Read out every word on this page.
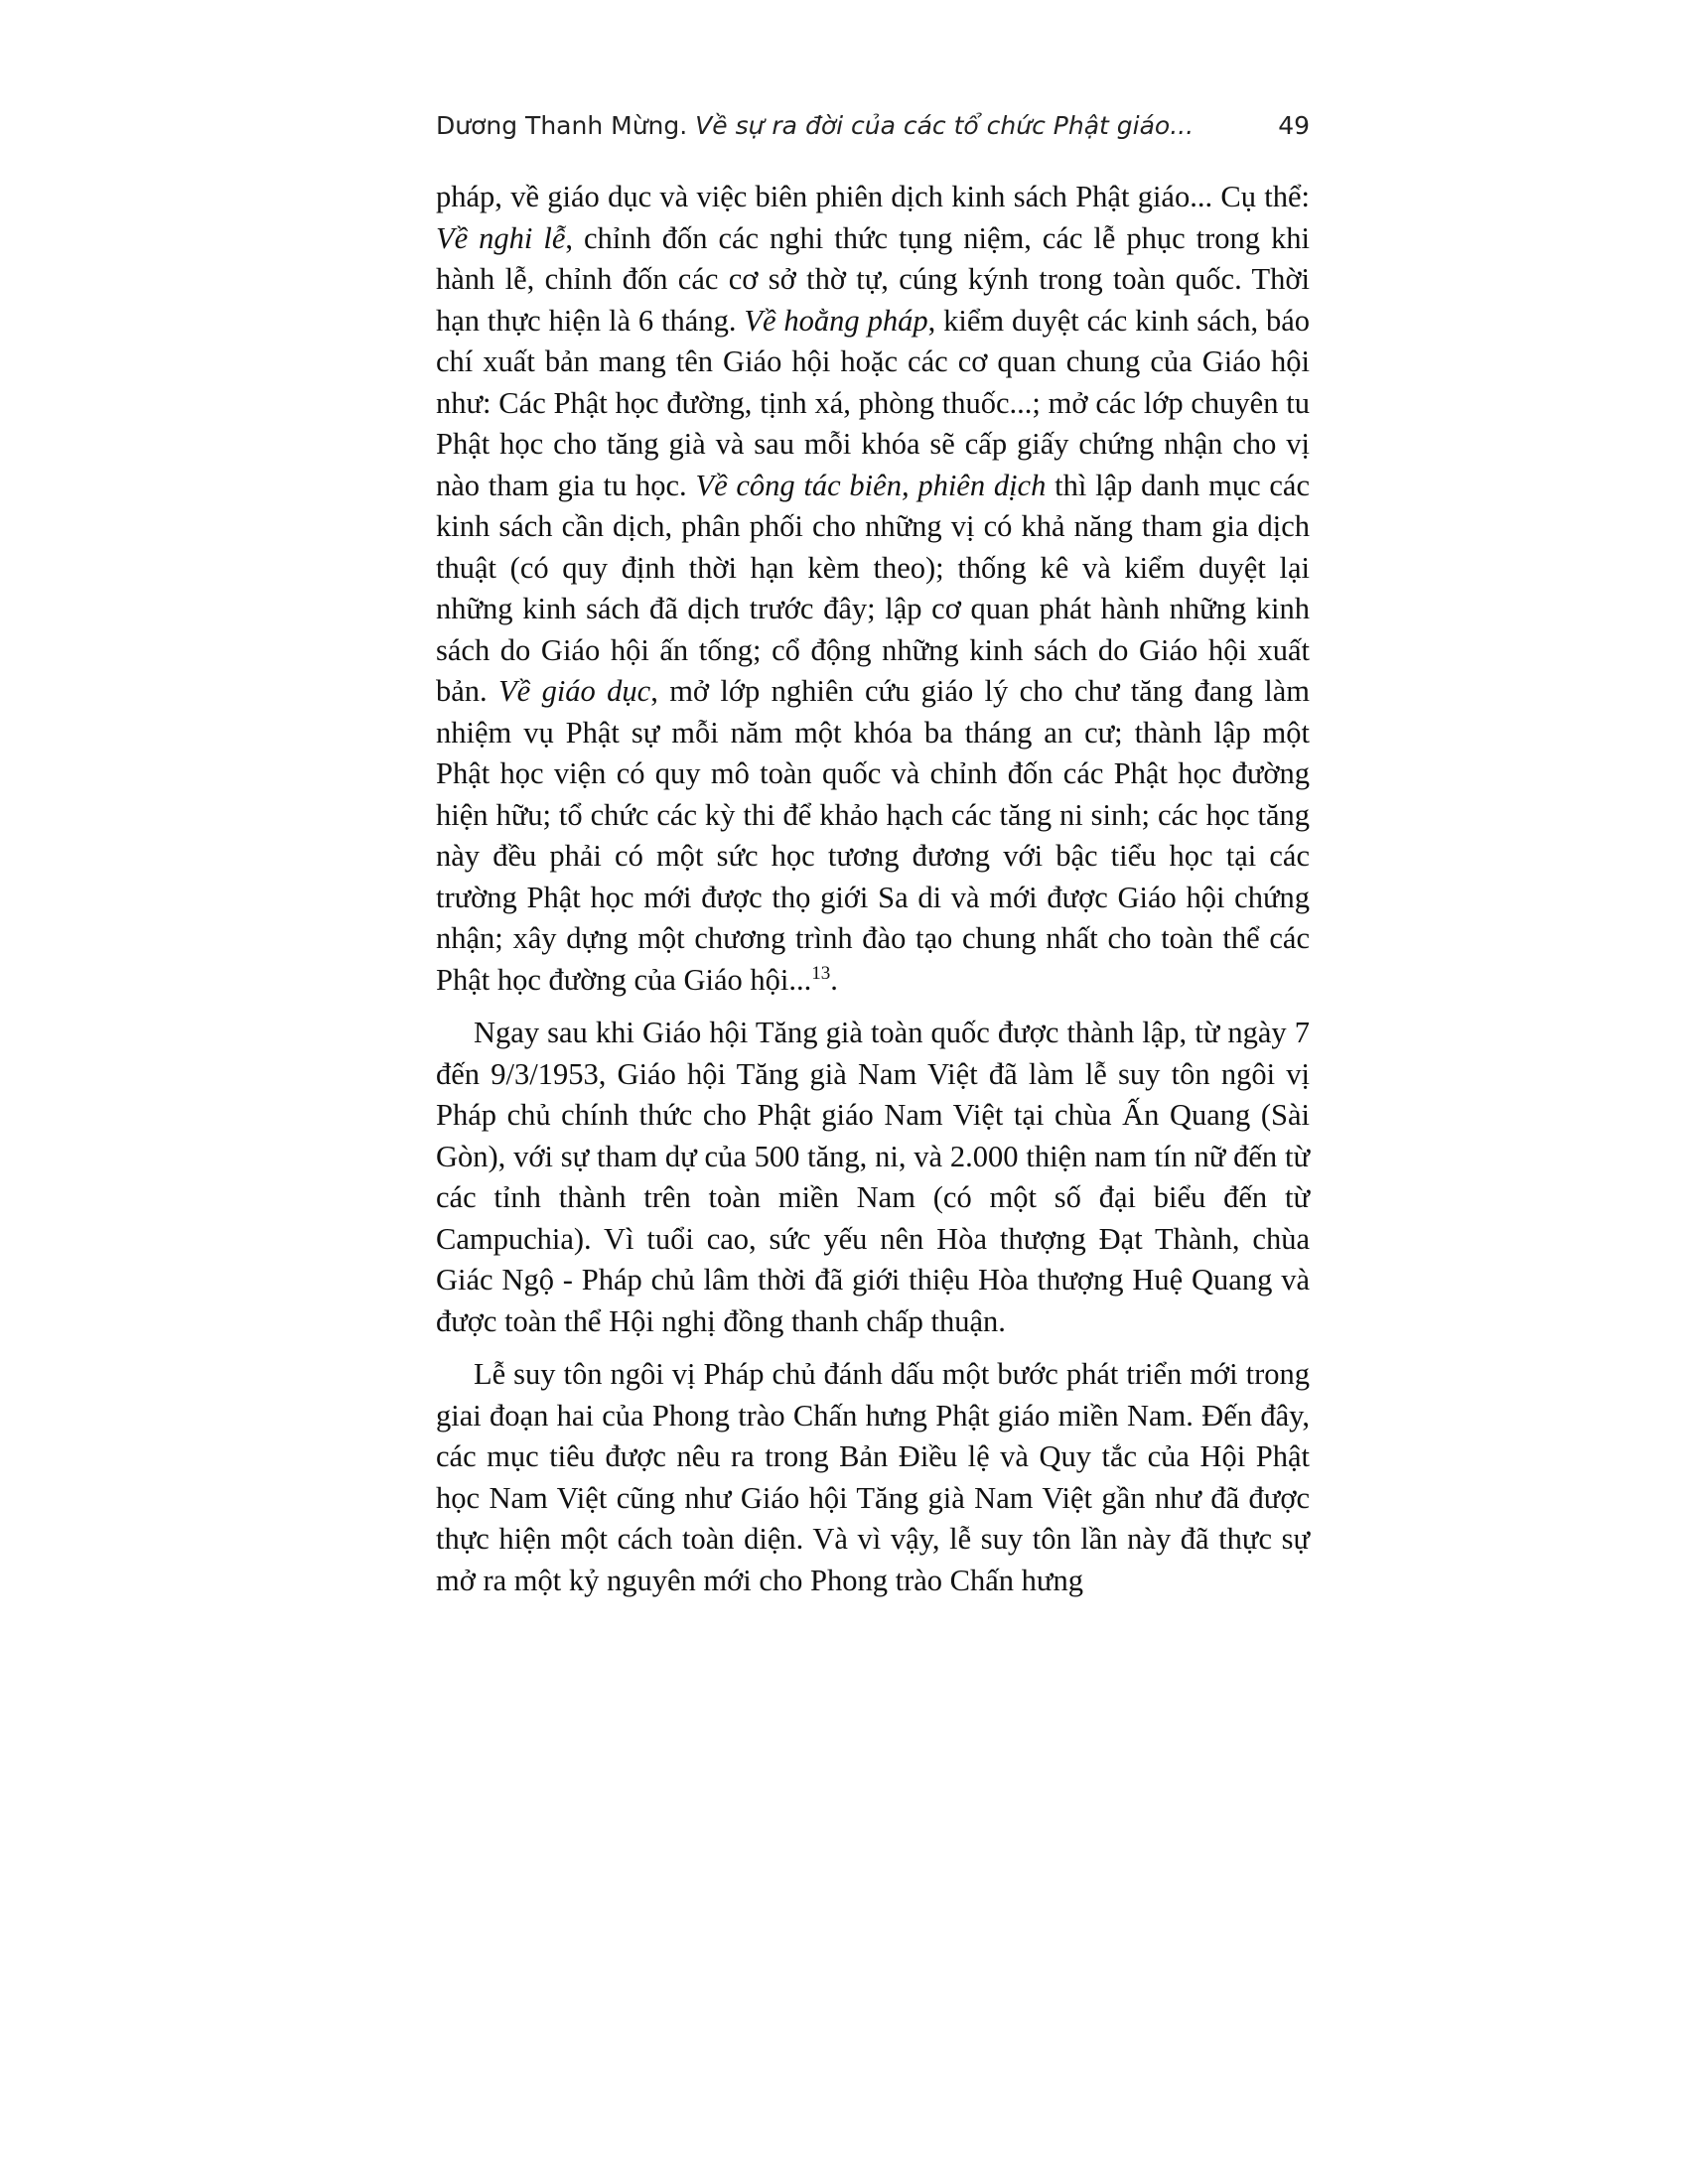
Dương Thanh Mừng. Về sự ra đời của các tổ chức Phật giáo...	49

pháp, về giáo dục và việc biên phiên dịch kinh sách Phật giáo... Cụ thể: Về nghi lễ, chỉnh đốn các nghi thức tụng niệm, các lễ phục trong khi hành lễ, chỉnh đốn các cơ sở thờ tự, cúng kýnh trong toàn quốc. Thời hạn thực hiện là 6 tháng. Về hoằng pháp, kiểm duyệt các kinh sách, báo chí xuất bản mang tên Giáo hội hoặc các cơ quan chung của Giáo hội như: Các Phật học đường, tịnh xá, phòng thuốc...; mở các lớp chuyên tu Phật học cho tăng già và sau mỗi khóa sẽ cấp giấy chứng nhận cho vị nào tham gia tu học. Về công tác biên, phiên dịch thì lập danh mục các kinh sách cần dịch, phân phối cho những vị có khả năng tham gia dịch thuật (có quy định thời hạn kèm theo); thống kê và kiểm duyệt lại những kinh sách đã dịch trước đây; lập cơ quan phát hành những kinh sách do Giáo hội ấn tống; cổ động những kinh sách do Giáo hội xuất bản. Về giáo dục, mở lớp nghiên cứu giáo lý cho chư tăng đang làm nhiệm vụ Phật sự mỗi năm một khóa ba tháng an cư; thành lập một Phật học viện có quy mô toàn quốc và chỉnh đốn các Phật học đường hiện hữu; tổ chức các kỳ thi để khảo hạch các tăng ni sinh; các học tăng này đều phải có một sức học tương đương với bậc tiểu học tại các trường Phật học mới được thọ giới Sa di và mới được Giáo hội chứng nhận; xây dựng một chương trình đào tạo chung nhất cho toàn thể các Phật học đường của Giáo hội...$^{13}$.

Ngay sau khi Giáo hội Tăng già toàn quốc được thành lập, từ ngày 7 đến 9/3/1953, Giáo hội Tăng già Nam Việt đã làm lễ suy tôn ngôi vị Pháp chủ chính thức cho Phật giáo Nam Việt tại chùa Ấn Quang (Sài Gòn), với sự tham dự của 500 tăng, ni, và 2.000 thiện nam tín nữ đến từ các tỉnh thành trên toàn miền Nam (có một số đại biểu đến từ Campuchia). Vì tuổi cao, sức yếu nên Hòa thượng Đạt Thành, chùa Giác Ngộ - Pháp chủ lâm thời đã giới thiệu Hòa thượng Huệ Quang và được toàn thể Hội nghị đồng thanh chấp thuận.

Lễ suy tôn ngôi vị Pháp chủ đánh dấu một bước phát triển mới trong giai đoạn hai của Phong trào Chấn hưng Phật giáo miền Nam. Đến đây, các mục tiêu được nêu ra trong Bản Điều lệ và Quy tắc của Hội Phật học Nam Việt cũng như Giáo hội Tăng già Nam Việt gần như đã được thực hiện một cách toàn diện. Và vì vậy, lễ suy tôn lần này đã thực sự mở ra một kỷ nguyên mới cho Phong trào Chấn hưng
